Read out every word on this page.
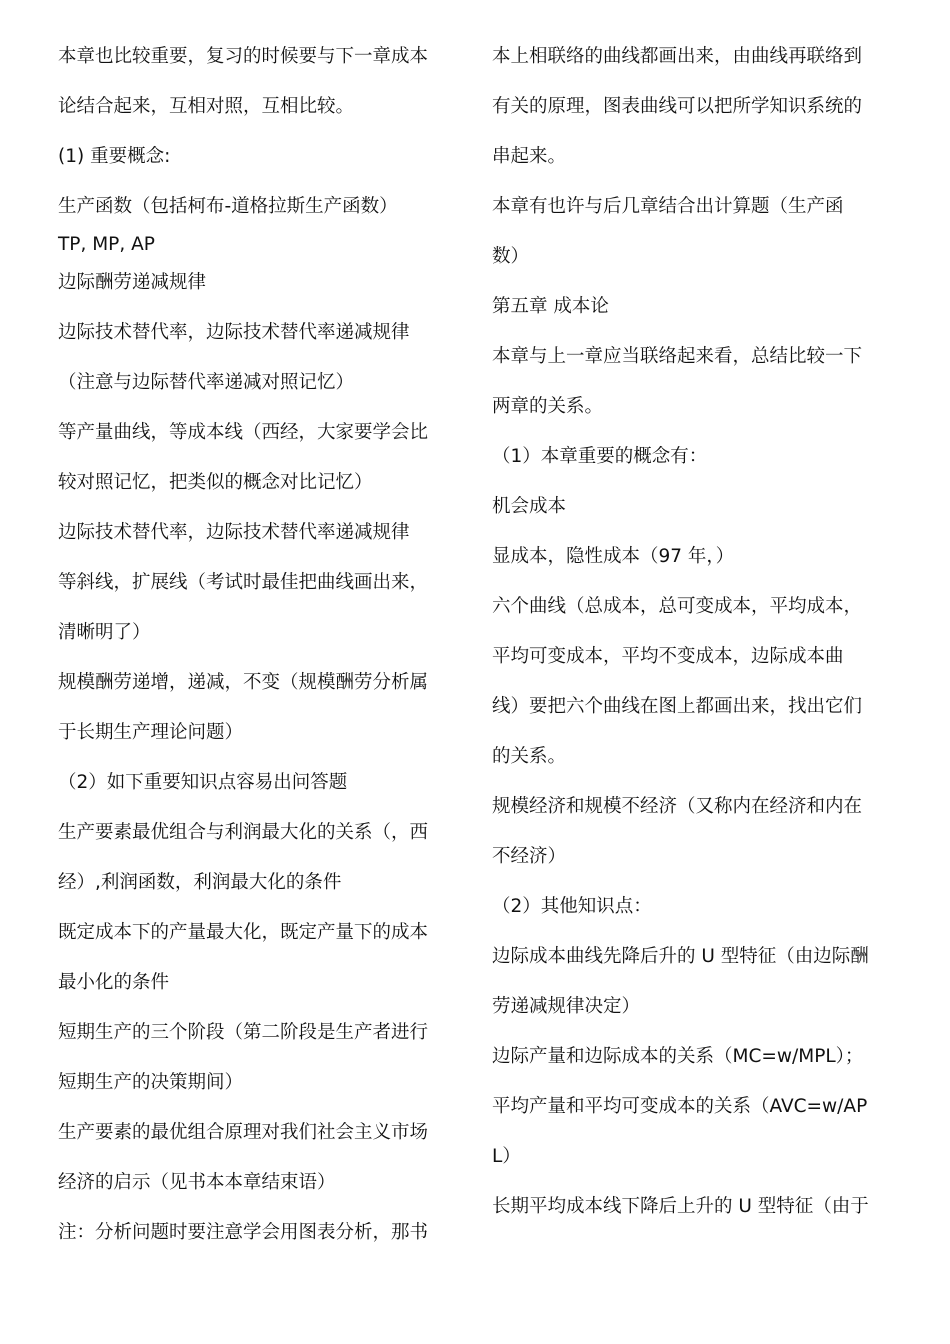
本章也比较重要，复习的时候要与下一章成本
论结合起来，互相对照，互相比较。
(1) 重要概念:
生产函数（包括柯布-道格拉斯生产函数）
TP, MP, AP
边际酬劳递减规律
边际技术替代率，边际技术替代率递减规律
（注意与边际替代率递减对照记忆）
等产量曲线，等成本线（西经，大家要学会比
较对照记忆，把类似的概念对比记忆）
边际技术替代率，边际技术替代率递减规律
等斜线，扩展线（考试时最佳把曲线画出来，
清晰明了）
规模酬劳递增，递减，不变（规模酬劳分析属
于长期生产理论问题）
（2）如下重要知识点容易出问答题
生产要素最优组合与利润最大化的关系（，西
经）,利润函数，利润最大化的条件
既定成本下的产量最大化，既定产量下的成本
最小化的条件
短期生产的三个阶段（第二阶段是生产者进行
短期生产的决策期间）
生产要素的最优组合原理对我们社会主义市场
经济的启示（见书本本章结束语）
注：分析问题时要注意学会用图表分析，那书
本上相联络的曲线都画出来，由曲线再联络到
有关的原理，图表曲线可以把所学知识系统的
串起来。
本章有也许与后几章结合出计算题（生产函
数）
第五章 成本论
本章与上一章应当联络起来看，总结比较一下
两章的关系。
（1）本章重要的概念有：
机会成本
显成本，隐性成本（97 年，）
六个曲线（总成本，总可变成本，平均成本，
平均可变成本，平均不变成本，边际成本曲
线）要把六个曲线在图上都画出来，找出它们
的关系。
规模经济和规模不经济（又称内在经济和内在
不经济）
（2）其他知识点：
边际成本曲线先降后升的 U 型特征（由边际酬
劳递减规律决定）
边际产量和边际成本的关系（MC=w/MPL）；
平均产量和平均可变成本的关系（AVC=w/AP
L）
长期平均成本线下降后上升的 U 型特征（由于
